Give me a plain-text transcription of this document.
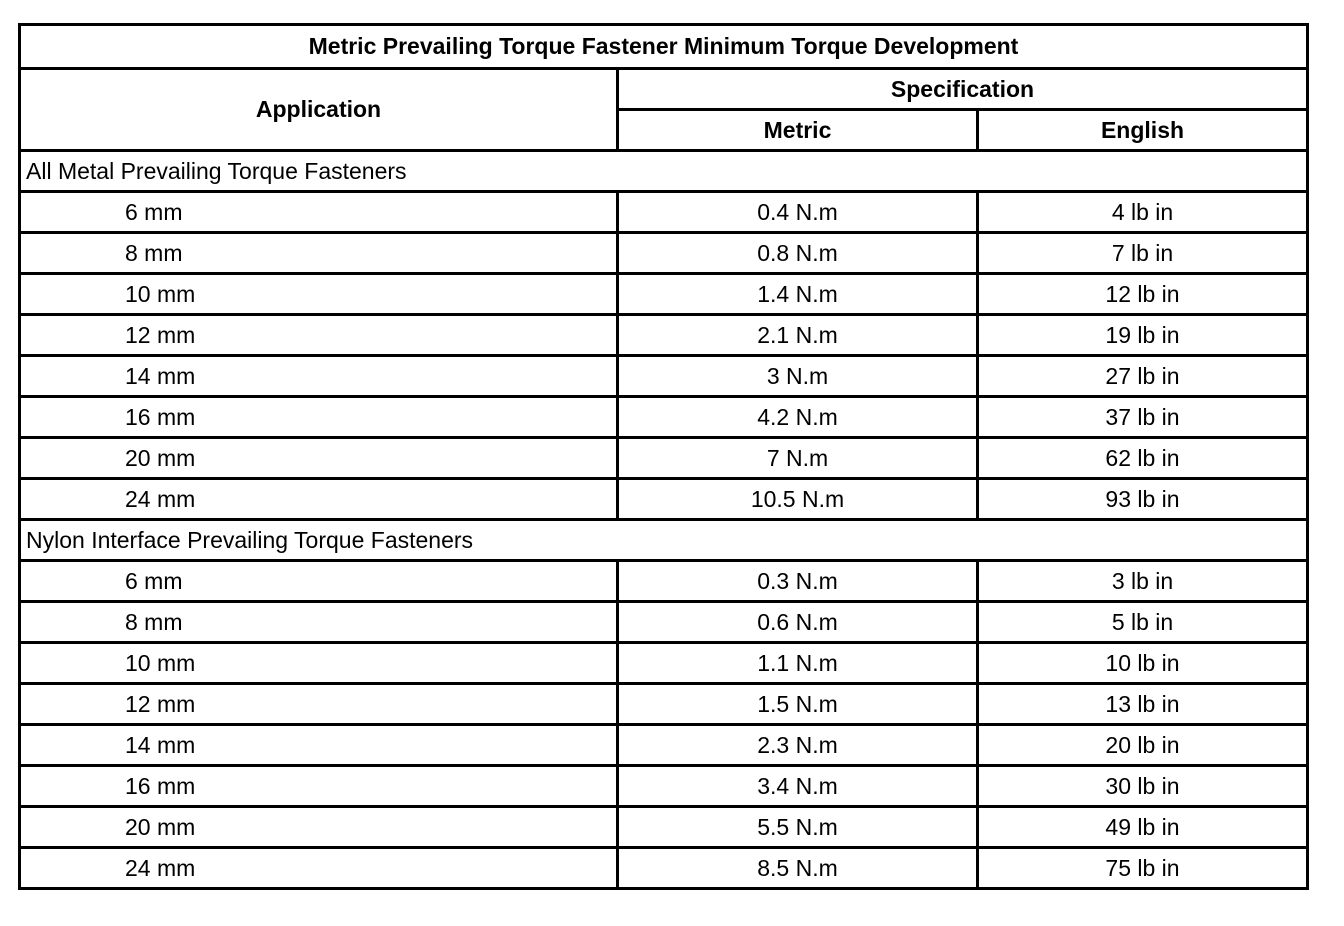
Metric Prevailing Torque Fastener Minimum Torque Development		
Application	Specification	
	Metric	English
All Metal Prevailing Torque Fasteners		
6 mm	0.4 N.m	4 lb in
8 mm	0.8 N.m	7 lb in
10 mm	1.4 N.m	12 lb in
12 mm	2.1 N.m	19 lb in
14 mm	3 N.m	27 lb in
16 mm	4.2 N.m	37 lb in
20 mm	7 N.m	62 lb in
24 mm	10.5 N.m	93 lb in
Nylon Interface Prevailing Torque Fasteners		
6 mm	0.3 N.m	3 lb in
8 mm	0.6 N.m	5 lb in
10 mm	1.1 N.m	10 lb in
12 mm	1.5 N.m	13 lb in
14 mm	2.3 N.m	20 lb in
16 mm	3.4 N.m	30 lb in
20 mm	5.5 N.m	49 lb in
24 mm	8.5 N.m	75 lb in
